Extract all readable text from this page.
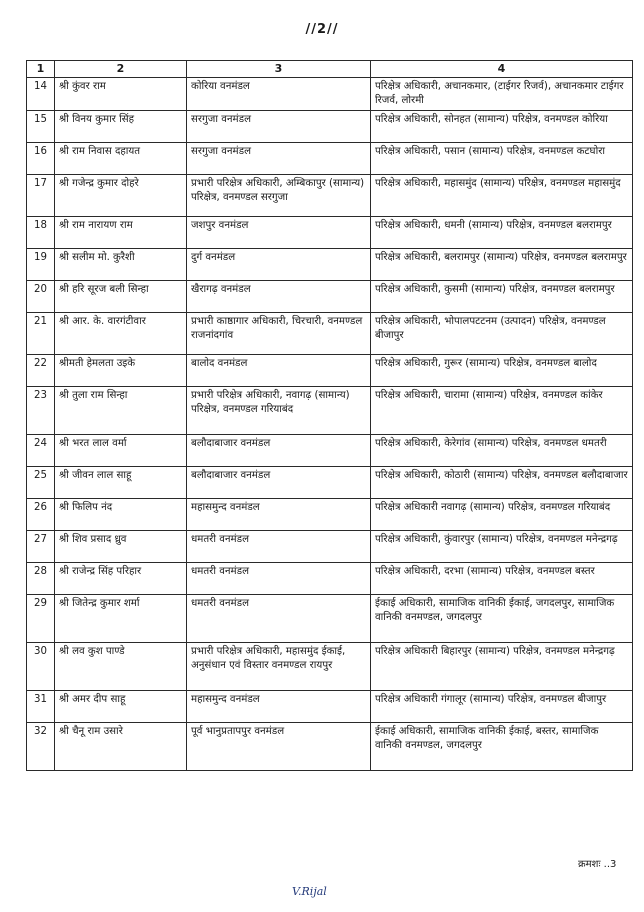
//2//
1	2	3	4
14	श्री कुंवर राम	कोरिया वनमंडल	परिक्षेत्र अधिकारी, अचानकमार, (टाईगर रिजर्व), अचानकमार टाईगर रिजर्व, लोरमी
15	श्री विनय कुमार सिंह	सरगुजा वनमंडल	परिक्षेत्र अधिकारी, सोनहत (सामान्य) परिक्षेत्र, वनमण्डल कोरिया
16	श्री राम निवास दहायत	सरगुजा वनमंडल	परिक्षेत्र अधिकारी, पसान (सामान्य) परिक्षेत्र, वनमण्डल कटघोरा
17	श्री गजेन्द्र कुमार दोहरे	प्रभारी परिक्षेत्र अधिकारी, अम्बिकापुर (सामान्य) परिक्षेत्र, वनमण्डल सरगुजा	परिक्षेत्र अधिकारी, महासमुंद (सामान्य) परिक्षेत्र, वनमण्डल महासमुंद
18	श्री राम नारायण राम	जशपुर वनमंडल	परिक्षेत्र अधिकारी, धमनी (सामान्य) परिक्षेत्र, वनमण्डल बलरामपुर
19	श्री सलीम मो. कुरैशी	दुर्ग वनमंडल	परिक्षेत्र अधिकारी, बलरामपुर (सामान्य) परिक्षेत्र, वनमण्डल बलरामपुर
20	श्री हरि सूरज बली सिन्हा	खैरागढ़ वनमंडल	परिक्षेत्र अधिकारी, कुसमी (सामान्य) परिक्षेत्र, वनमण्डल बलरामपुर
21	श्री आर. के. वारगंटीवार	प्रभारी काष्ठागार अधिकारी, चिरचारी, वनमण्डल राजनांदगांव	परिक्षेत्र अधिकारी, भोपालपटटनम (उत्पादन) परिक्षेत्र, वनमण्डल बीजापुर
22	श्रीमती हेमलता उइके	बालोद वनमंडल	परिक्षेत्र अधिकारी, गुरूर (सामान्य) परिक्षेत्र, वनमण्डल बालोद
23	श्री तुला राम सिन्हा	प्रभारी परिक्षेत्र अधिकारी, नवागढ़ (सामान्य) परिक्षेत्र, वनमण्डल गरियाबंद	परिक्षेत्र अधिकारी, चारामा (सामान्य) परिक्षेत्र, वनमण्डल कांकेर
24	श्री भरत लाल वर्मा	बलौदाबाजार वनमंडल	परिक्षेत्र अधिकारी, केरेगांव (सामान्य) परिक्षेत्र, वनमण्डल धमतरी
25	श्री जीवन लाल साहू	बलौदाबाजार वनमंडल	परिक्षेत्र अधिकारी, कोठारी (सामान्य) परिक्षेत्र, वनमण्डल बलौदाबाजार
26	श्री फिलिप नंद	महासमुन्द वनमंडल	परिक्षेत्र अधिकारी नवागढ़ (सामान्य) परिक्षेत्र, वनमण्डल गरियाबंद
27	श्री शिव प्रसाद ध्रुव	धमतरी वनमंडल	परिक्षेत्र अधिकारी, कुंवारपुर (सामान्य) परिक्षेत्र, वनमण्डल मनेन्द्रगढ़
28	श्री राजेन्द्र सिंह परिहार	धमतरी वनमंडल	परिक्षेत्र अधिकारी, दरभा (सामान्य) परिक्षेत्र, वनमण्डल बस्तर
29	श्री जितेन्द्र कुमार शर्मा	धमतरी वनमंडल	ईकाई अधिकारी, सामाजिक वानिकी ईकाई, जगदलपुर, सामाजिक वानिकी वनमण्डल, जगदलपुर
30	श्री लव कुश पाण्डे	प्रभारी परिक्षेत्र अधिकारी, महासमुंद ईकाई, अनुसंधान एवं विस्तार वनमण्डल रायपुर	परिक्षेत्र अधिकारी बिहारपुर (सामान्य) परिक्षेत्र, वनमण्डल मनेन्द्रगढ़
31	श्री अमर दीप साहू	महासमुन्द वनमंडल	परिक्षेत्र अधिकारी गंगालूर (सामान्य) परिक्षेत्र, वनमण्डल बीजापुर
32	श्री चैनू राम उसारे	पूर्व भानुप्रतापपुर वनमंडल	ईकाई अधिकारी, सामाजिक वानिकी ईकाई, बस्तर, सामाजिक वानिकी वनमण्डल, जगदलपुर
क्रमशः ..3
V.Rijal
